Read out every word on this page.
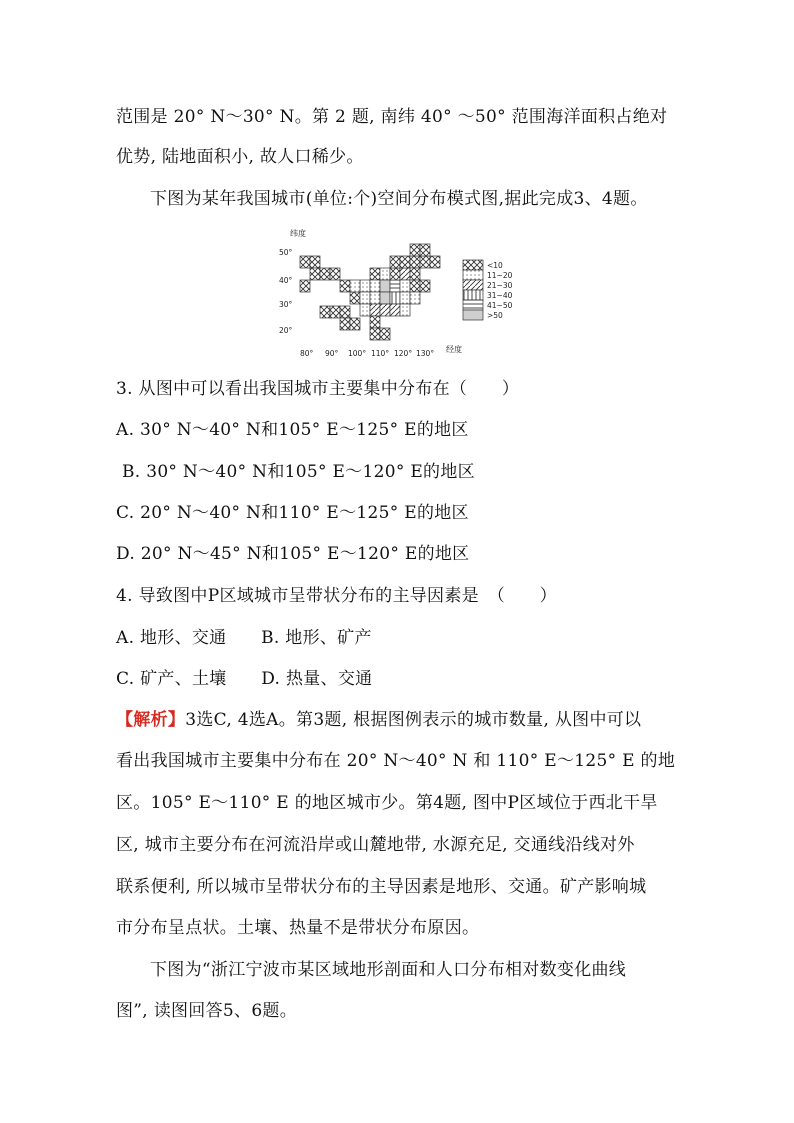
范围是 20° N～30° N。第 2 题, 南纬 40° ～50° 范围海洋面积占绝对
优势, 陆地面积小, 故人口稀少。
下图为某年我国城市(单位:个)空间分布模式图,据此完成3、4题。
纬度
50°
40°
30°
20°
80° 90° 100° 110° 120° 130° 经度
<10
11~20
21~30
31~40
41~50
>50
3. 从图中可以看出我国城市主要集中分布在（　　）
A. 30° N～40° N和105° E～125° E的地区
B. 30° N～40° N和105° E～120° E的地区
C. 20° N～40° N和110° E～125° E的地区
D. 20° N～45° N和105° E～120° E的地区
4. 导致图中P区域城市呈带状分布的主导因素是　（　　）
A. 地形、交通　　B. 地形、矿产
C. 矿产、土壤　　D. 热量、交通
【解析】3选C, 4选A。第3题, 根据图例表示的城市数量, 从图中可以
看出我国城市主要集中分布在 20° N～40° N 和 110° E～125° E 的地
区。105° E～110° E 的地区城市少。第4题, 图中P区域位于西北干旱
区, 城市主要分布在河流沿岸或山麓地带, 水源充足, 交通线沿线对外
联系便利, 所以城市呈带状分布的主导因素是地形、交通。矿产影响城
市分布呈点状。土壤、热量不是带状分布原因。
下图为“浙江宁波市某区域地形剖面和人口分布相对数变化曲线
图”, 读图回答5、6题。
